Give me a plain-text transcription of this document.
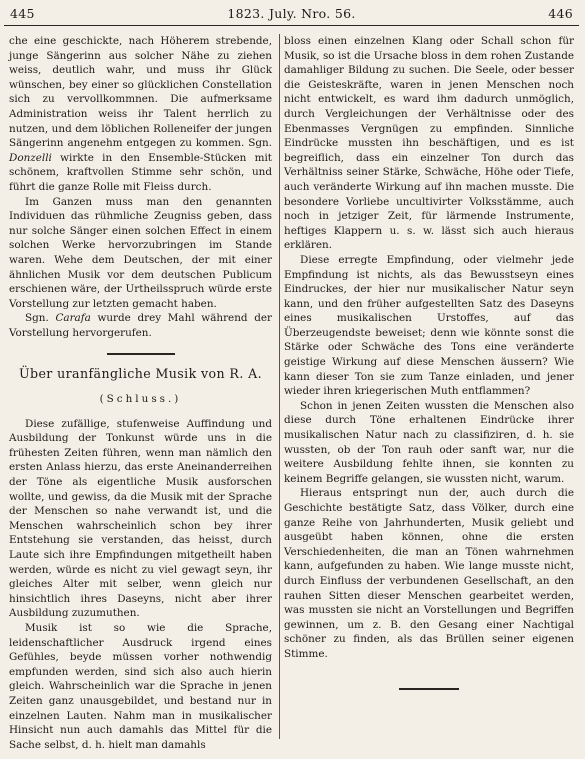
445	1823. July. Nro. 56.	446

che eine geschickte, nach Höherem strebende, junge Sängerinn aus solcher Nähe zu ziehen weiss, deutlich wahr, und muss ihr Glück wünschen, bey einer so glücklichen Constellation sich zu vervollkommnen. Die aufmerksame Administration weiss ihr Talent herrlich zu nutzen, und dem löblichen Rolleneifer der jungen Sängerinn angenehm entgegen zu kommen. Sgn. Donzelli wirkte in den Ensemble-Stücken mit schönem, kraftvollen Stimme sehr schön, und führt die ganze Rolle mit Fleiss durch.

Im Ganzen muss man den genannten Individuen das rühmliche Zeugniss geben, dass nur solche Sänger einen solchen Effect in einem solchen Werke hervorzubringen im Stande waren. Wehe dem Deutschen, der mit einer ähnlichen Musik vor dem deutschen Publicum erschienen wäre, der Urtheilsspruch würde erste Vorstellung zur letzten gemacht haben.

Sgn. Carafa wurde drey Mahl während der Vorstellung hervorgerufen.

Über uranfängliche Musik von R. A.
(Schluss.)

Diese zufällige, stufenweise Auffindung und Ausbildung der Tonkunst würde uns in die frühesten Zeiten führen, wenn man nämlich den ersten Anlass hierzu, das erste Aneinanderreihen der Töne als eigentliche Musik ausforschen wollte, und gewiss, da die Musik mit der Sprache der Menschen so nahe verwandt ist, und die Menschen wahrscheinlich schon bey ihrer Entstehung sie verstanden, das heisst, durch Laute sich ihre Empfindungen mitgetheilt haben werden, würde es nicht zu viel gewagt seyn, ihr gleiches Alter mit selber, wenn gleich nur hinsichtlich ihres Daseyns, nicht aber ihrer Ausbildung zuzumuthen.

Musik ist so wie die Sprache, leidenschaftlicher Ausdruck irgend eines Gefühles, beyde müssen vorher nothwendig empfunden werden, sind sich also auch hierin gleich. Wahrscheinlich war die Sprache in jenen Zeiten ganz unausgebildet, und bestand nur in einzelnen Lauten. Nahm man in musikalischer Hinsicht nun auch damahls das Mittel für die Sache selbst, d. h. hielt man damahls

bloss einen einzelnen Klang oder Schall schon für Musik, so ist die Ursache bloss in dem rohen Zustande damahliger Bildung zu suchen. Die Seele, oder besser die Geisteskräfte, waren in jenen Menschen noch nicht entwickelt, es ward ihm dadurch unmöglich, durch Vergleichungen der Verhältnisse oder des Ebenmasses Vergnügen zu empfinden. Sinnliche Eindrücke mussten ihn beschäftigen, und es ist begreiflich, dass ein einzelner Ton durch das Verhältniss seiner Stärke, Schwäche, Höhe oder Tiefe, auch veränderte Wirkung auf ihn machen musste. Die besondere Vorliebe uncultivirter Volksstämme, auch noch in jetziger Zeit, für lärmende Instrumente, heftiges Klappern u. s. w. lässt sich auch hieraus erklären.

Diese erregte Empfindung, oder vielmehr jede Empfindung ist nichts, als das Bewusstseyn eines Eindruckes, der hier nur musikalischer Natur seyn kann, und den früher aufgestellten Satz des Daseyns eines musikalischen Urstoffes, auf das Überzeugendste beweiset; denn wie könnte sonst die Stärke oder Schwäche des Tons eine veränderte geistige Wirkung auf diese Menschen äussern? Wie kann dieser Ton sie zum Tanze einladen, und jener wieder ihren kriegerischen Muth entflammen?

Schon in jenen Zeiten wussten die Menschen also diese durch Töne erhaltenen Eindrücke ihrer musikalischen Natur nach zu classifiziren, d. h. sie wussten, ob der Ton rauh oder sanft war, nur die weitere Ausbildung fehlte ihnen, sie konnten zu keinem Begriffe gelangen, sie wussten nicht, warum.

Hieraus entspringt nun der, auch durch die Geschichte bestätigte Satz, dass Völker, durch eine ganze Reihe von Jahrhunderten, Musik geliebt und ausgeübt haben können, ohne die ersten Verschiedenheiten, die man an Tönen wahrnehmen kann, aufgefunden zu haben. Wie lange musste nicht, durch Einfluss der verbundenen Gesellschaft, an den rauhen Sitten dieser Menschen gearbeitet werden, was mussten sie nicht an Vorstellungen und Begriffen gewinnen, um z. B. den Gesang einer Nachtigal schöner zu finden, als das Brüllen seiner eigenen Stimme.
